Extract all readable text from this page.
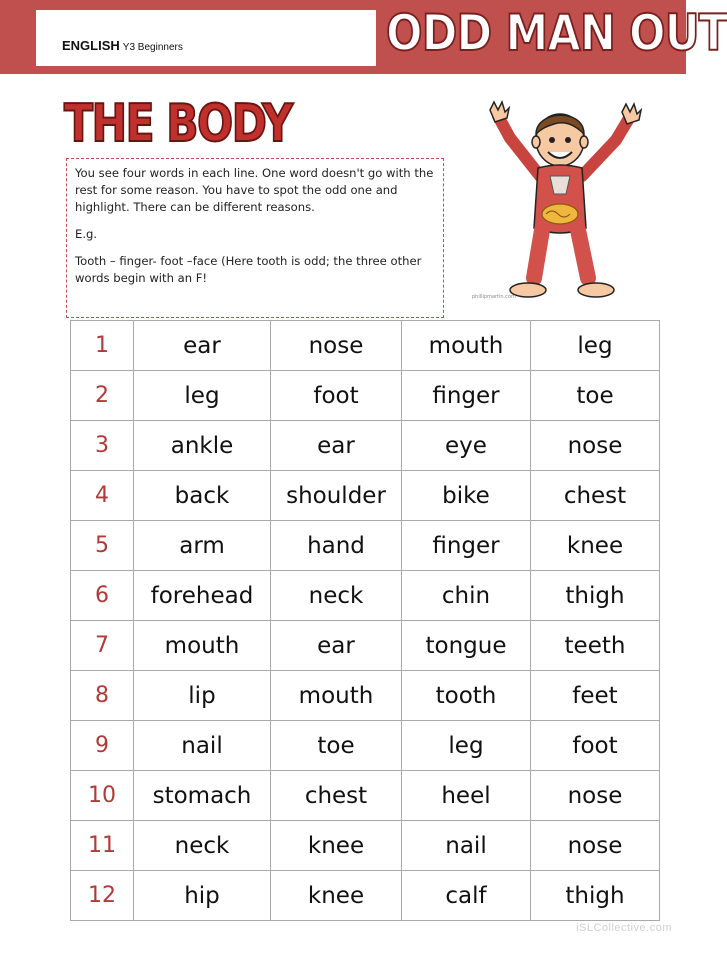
ENGLISH Y3 Beginners	ODD MAN OUT
THE BODY

You see four words in each line. One word doesn't go with the rest for some reason. You have to spot the odd one and highlight. There can be different reasons.

E.g.

Tooth – finger- foot –face (Here tooth is odd; the three other words begin with an F!

phillipmartin.com
1	ear	nose	mouth	leg
2	leg	foot	finger	toe
3	ankle	ear	eye	nose
4	back	shoulder	bike	chest
5	arm	hand	finger	knee
6	forehead	neck	chin	thigh
7	mouth	ear	tongue	teeth
8	lip	mouth	tooth	feet
9	nail	toe	leg	foot
10	stomach	chest	heel	nose
11	neck	knee	nail	nose
12	hip	knee	calf	thigh
iSLCollective.com
